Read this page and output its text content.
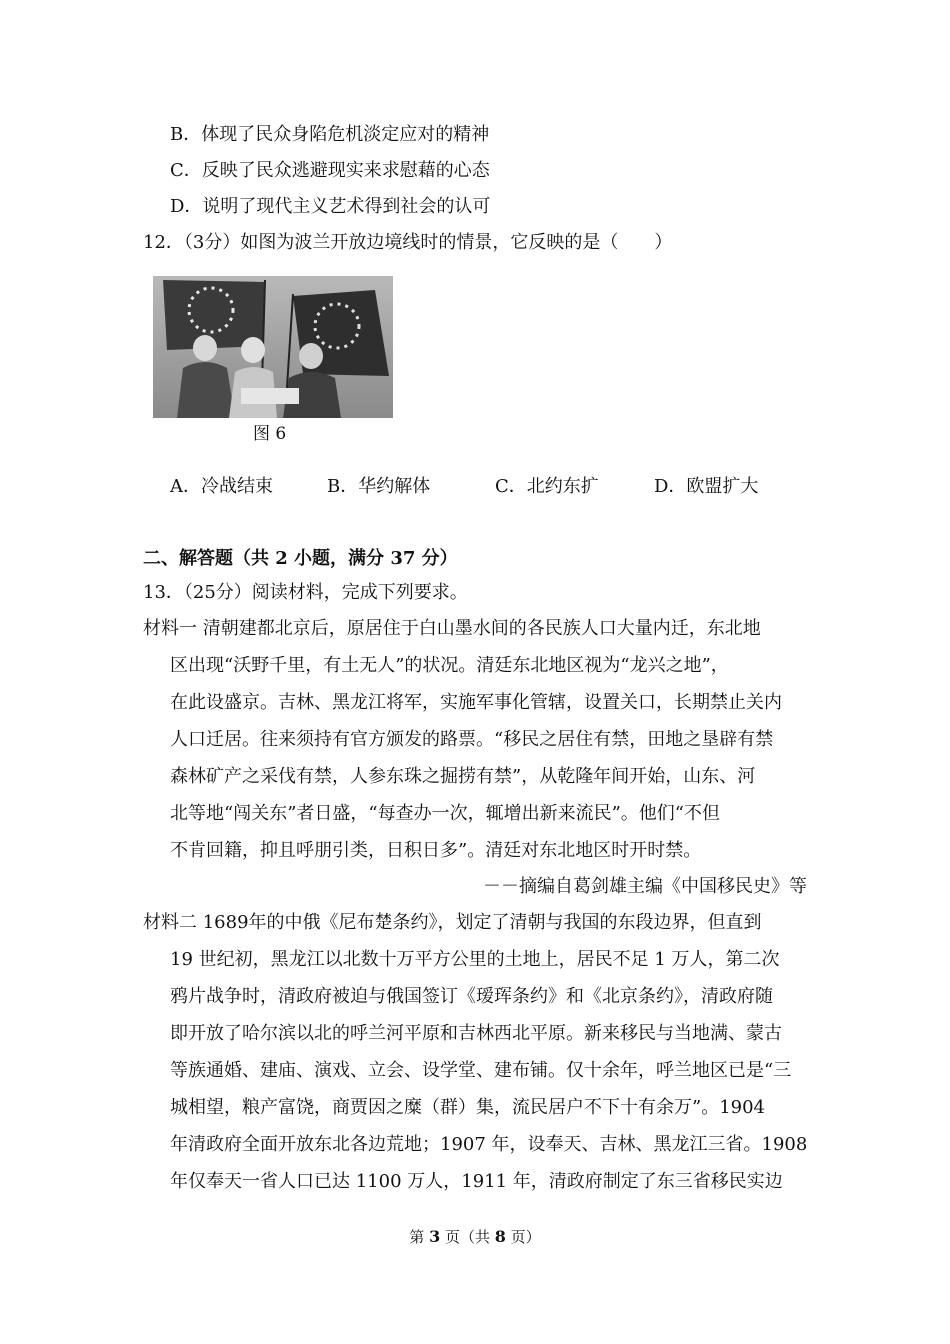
B．体现了民众身陷危机淡定应对的精神
C．反映了民众逃避现实来求慰藉的心态
D．说明了现代主义艺术得到社会的认可
12．（3分）如图为波兰开放边境线时的情景，它反映的是（　　）
图 6
A．冷战结束	B．华约解体	C．北约东扩	D．欧盟扩大
二、解答题（共 2 小题，满分 37 分）
13．（25分）阅读材料，完成下列要求。
材料一 清朝建都北京后，原居住于白山墨水间的各民族人口大量内迁，东北地
区出现“沃野千里，有土无人”的状况。清廷东北地区视为“龙兴之地”，
在此设盛京。吉林、黑龙江将军，实施军事化管辖，设置关口，长期禁止关内
人口迁居。往来须持有官方颁发的路票。“移民之居住有禁，田地之垦辟有禁
森林矿产之采伐有禁，人参东珠之掘捞有禁”，从乾隆年间开始，山东、河
北等地“闯关东”者日盛，“每查办一次，辄增出新来流民”。他们“不但
不肯回籍，抑且呼朋引类，日积日多”。清廷对东北地区时开时禁。
－－摘编自葛剑雄主编《中国移民史》等
材料二 1689年的中俄《尼布楚条约》，划定了清朝与我国的东段边界，但直到
19 世纪初，黑龙江以北数十万平方公里的土地上，居民不足 1 万人，第二次
鸦片战争时，清政府被迫与俄国签订《瑷珲条约》和《北京条约》，清政府随
即开放了哈尔滨以北的呼兰河平原和吉林西北平原。新来移民与当地满、蒙古
等族通婚、建庙、演戏、立会、设学堂、建布铺。仅十余年，呼兰地区已是“三
城相望，粮产富饶，商贾因之糜（群）集，流民居户不下十有余万”。1904
年清政府全面开放东北各边荒地；1907 年，设奉天、吉林、黑龙江三省。1908
年仅奉天一省人口已达 1100 万人，1911 年，清政府制定了东三省移民实边
第 3 页（共 8 页）
